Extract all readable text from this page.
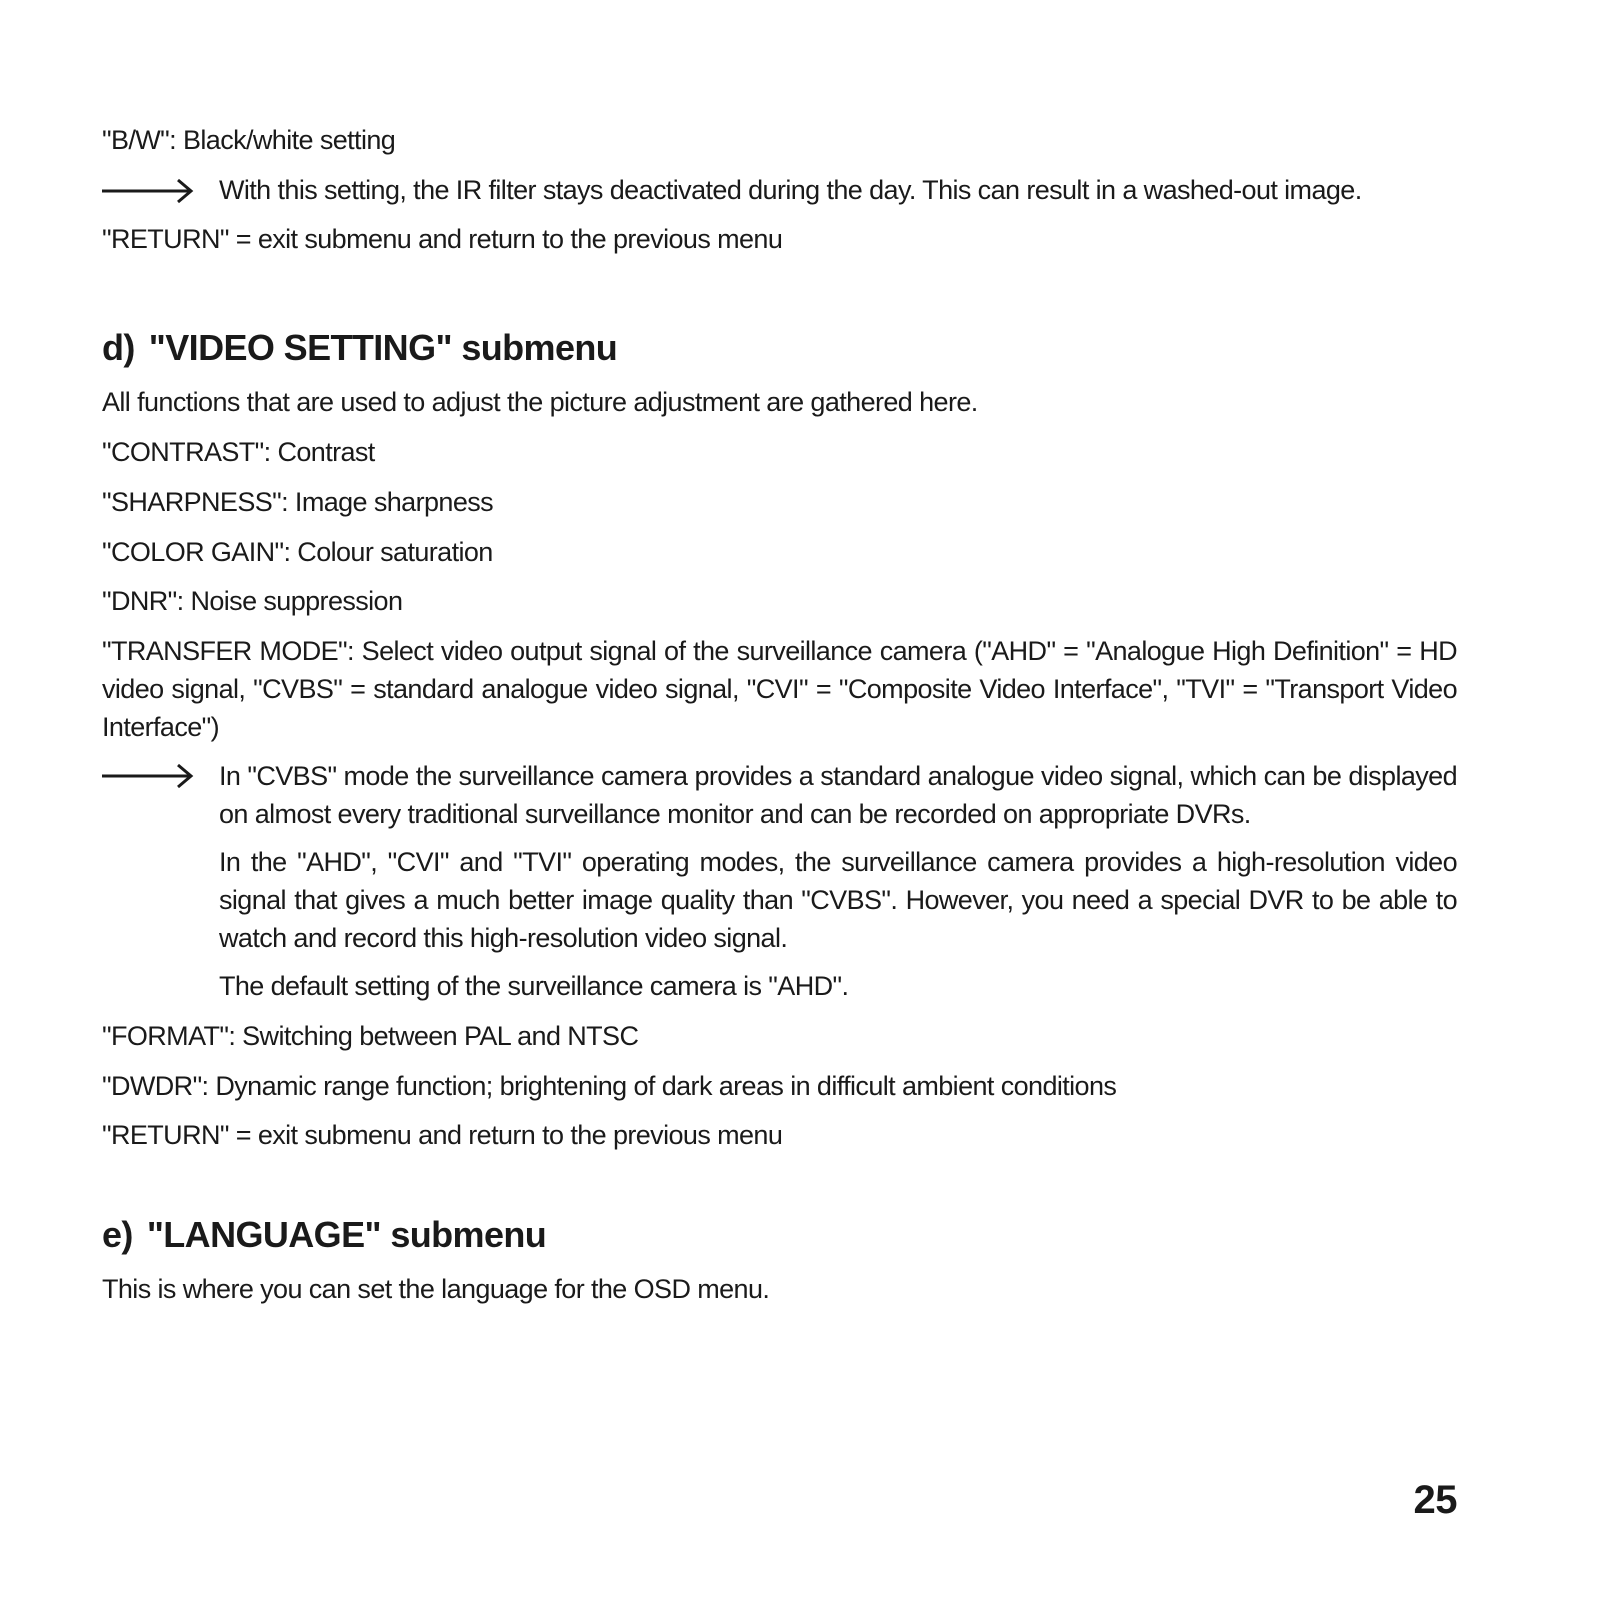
"B/W": Black/white setting
With this setting, the IR filter stays deactivated during the day. This can result in a washed-out image.
"RETURN" = exit submenu and return to the previous menu
d) "VIDEO SETTING" submenu
All functions that are used to adjust the picture adjustment are gathered here.
"CONTRAST": Contrast
"SHARPNESS": Image sharpness
"COLOR GAIN": Colour saturation
"DNR": Noise suppression
"TRANSFER MODE": Select video output signal of the surveillance camera ("AHD" = "Analogue High Definition" = HD video signal, "CVBS" = standard analogue video signal, "CVI" = "Composite Video Interface", "TVI" = "Transport Video Interface")
In "CVBS" mode the surveillance camera provides a standard analogue video signal, which can be displayed on almost every traditional surveillance monitor and can be recorded on appropriate DVRs.
In the "AHD", "CVI" and "TVI" operating modes, the surveillance camera provides a high-resolution video signal that gives a much better image quality than "CVBS". However, you need a special DVR to be able to watch and record this high-resolution video signal.
The default setting of the surveillance camera is "AHD".
"FORMAT": Switching between PAL and NTSC
"DWDR": Dynamic range function; brightening of dark areas in difficult ambient conditions
"RETURN" = exit submenu and return to the previous menu
e) "LANGUAGE" submenu
This is where you can set the language for the OSD menu.
25
